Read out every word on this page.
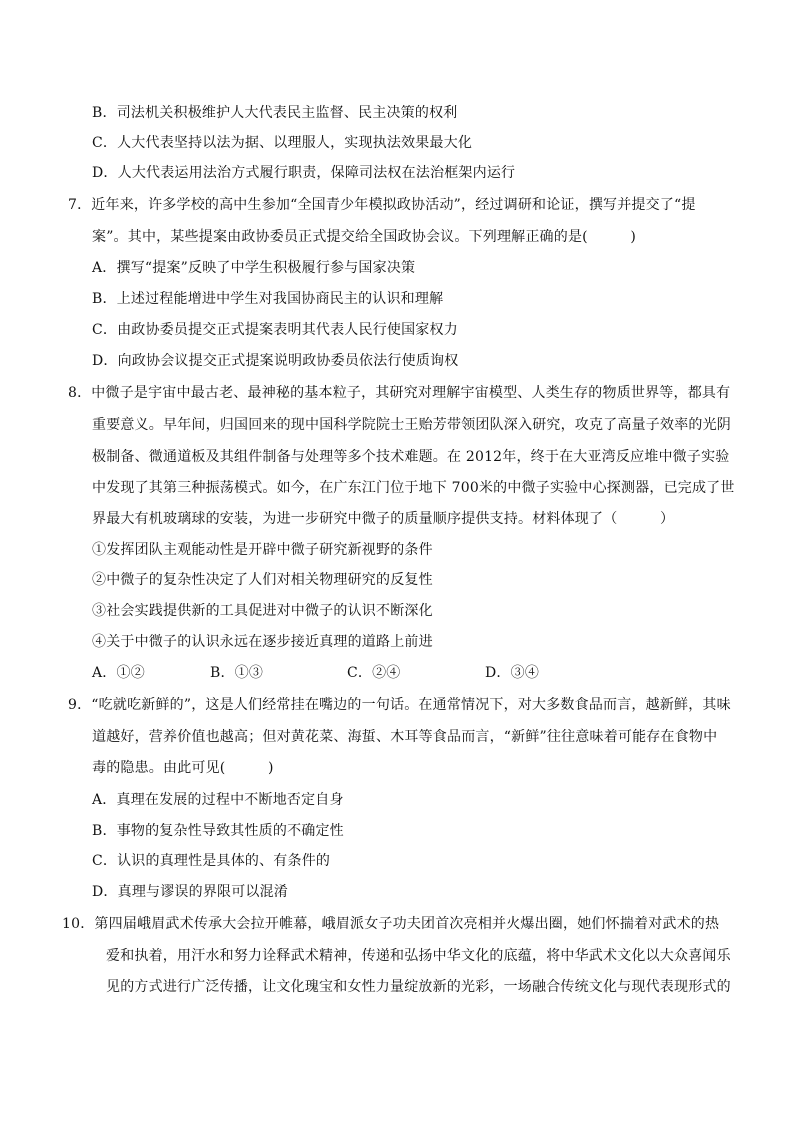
B．司法机关积极维护人大代表民主监督、民主决策的权利
C．人大代表坚持以法为据、以理服人，实现执法效果最大化
D．人大代表运用法治方式履行职责，保障司法权在法治框架内运行
7．近年来，许多学校的高中生参加“全国青少年模拟政协活动”，经过调研和论证，撰写并提交了“提
案”。其中，某些提案由政协委员正式提交给全国政协会议。下列理解正确的是(　　　)
A．撰写“提案”反映了中学生积极履行参与国家决策
B．上述过程能增进中学生对我国协商民主的认识和理解
C．由政协委员提交正式提案表明其代表人民行使国家权力
D．向政协会议提交正式提案说明政协委员依法行使质询权
8．中微子是宇宙中最古老、最神秘的基本粒子，其研究对理解宇宙模型、人类生存的物质世界等，都具有
重要意义。早年间，归国回来的现中国科学院院士王贻芳带领团队深入研究，攻克了高量子效率的光阴
极制备、微通道板及其组件制备与处理等多个技术难题。在 2012年，终于在大亚湾反应堆中微子实验
中发现了其第三种振荡模式。如今，在广东江门位于地下 700米的中微子实验中心探测器，已完成了世
界最大有机玻璃球的安装，为进一步研究中微子的质量顺序提供支持。材料体现了（　　　）
①发挥团队主观能动性是开辟中微子研究新视野的条件
②中微子的复杂性决定了人们对相关物理研究的反复性
③社会实践提供新的工具促进对中微子的认识不断深化
④关于中微子的认识永远在逐步接近真理的道路上前进
A．①②	B．①③	C．②④	D．③④
9．“吃就吃新鲜的”，这是人们经常挂在嘴边的一句话。在通常情况下，对大多数食品而言，越新鲜，其味
道越好，营养价值也越高；但对黄花菜、海蜇、木耳等食品而言，“新鲜”往往意味着可能存在食物中
毒的隐患。由此可见(　　　)
A．真理在发展的过程中不断地否定自身
B．事物的复杂性导致其性质的不确定性
C．认识的真理性是具体的、有条件的
D．真理与谬误的界限可以混淆
10．第四届峨眉武术传承大会拉开帷幕，峨眉派女子功夫团首次亮相并火爆出圈，她们怀揣着对武术的热
爱和执着，用汗水和努力诠释武术精神，传递和弘扬中华文化的底蕴，将中华武术文化以大众喜闻乐
见的方式进行广泛传播，让文化瑰宝和女性力量绽放新的光彩，一场融合传统文化与现代表现形式的
